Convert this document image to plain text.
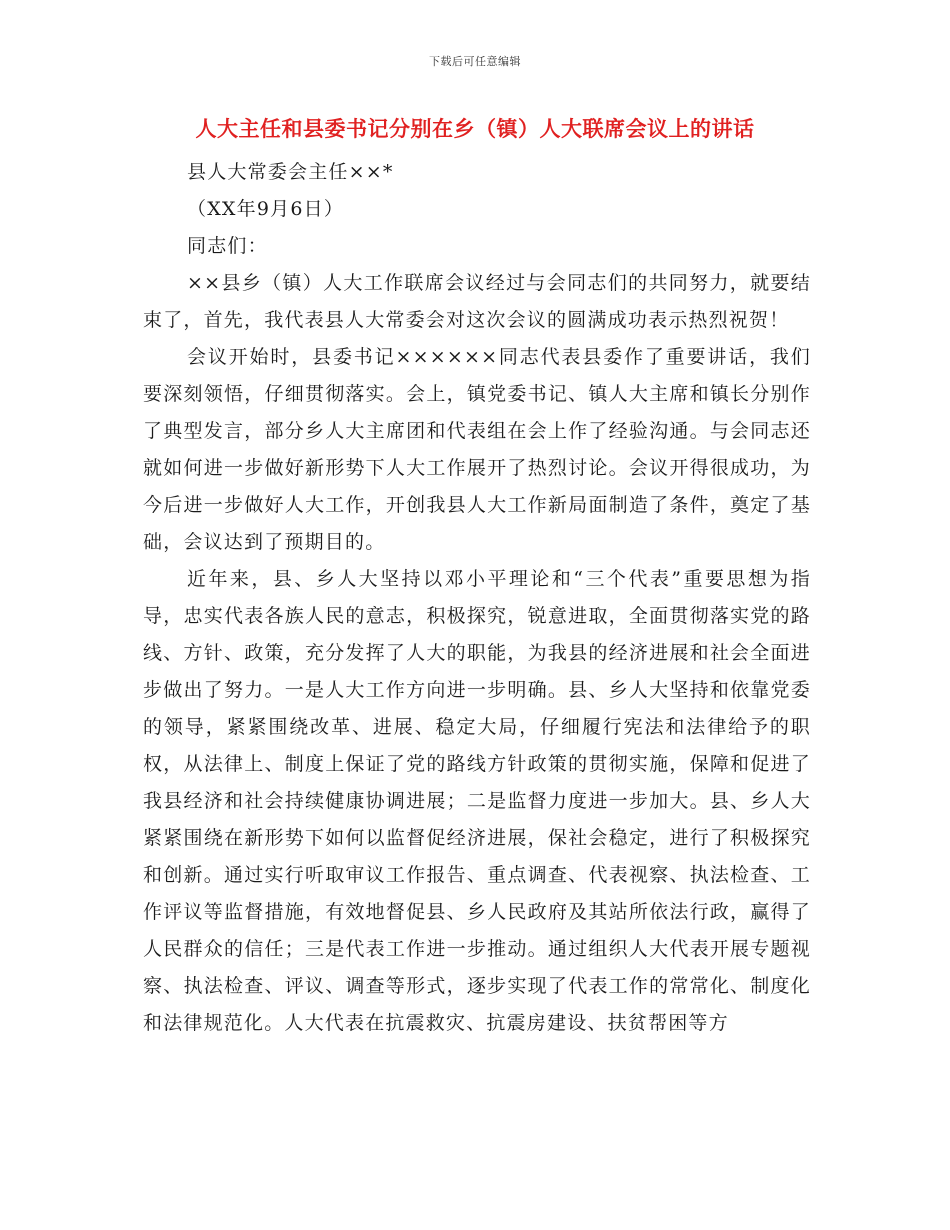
下载后可任意编辑
人大主任和县委书记分别在乡（镇）人大联席会议上的讲话
县人大常委会主任××*
（XX年9月6日）
同志们：

××县乡（镇）人大工作联席会议经过与会同志们的共同努力，就要结束了，首先，我代表县人大常委会对这次会议的圆满成功表示热烈祝贺！

会议开始时，县委书记××××××同志代表县委作了重要讲话，我们要深刻领悟，仔细贯彻落实。会上，镇党委书记、镇人大主席和镇长分别作了典型发言，部分乡人大主席团和代表组在会上作了经验沟通。与会同志还就如何进一步做好新形势下人大工作展开了热烈讨论。会议开得很成功，为今后进一步做好人大工作，开创我县人大工作新局面制造了条件，奠定了基础，会议达到了预期目的。

近年来，县、乡人大坚持以邓小平理论和“三个代表”重要思想为指导，忠实代表各族人民的意志，积极探究，锐意进取，全面贯彻落实党的路线、方针、政策，充分发挥了人大的职能，为我县的经济进展和社会全面进步做出了努力。一是人大工作方向进一步明确。县、乡人大坚持和依靠党委的领导，紧紧围绕改革、进展、稳定大局，仔细履行宪法和法律给予的职权，从法律上、制度上保证了党的路线方针政策的贯彻实施，保障和促进了我县经济和社会持续健康协调进展；二是监督力度进一步加大。县、乡人大紧紧围绕在新形势下如何以监督促经济进展，保社会稳定，进行了积极探究和创新。通过实行听取审议工作报告、重点调查、代表视察、执法检查、工作评议等监督措施，有效地督促县、乡人民政府及其站所依法行政，赢得了人民群众的信任；三是代表工作进一步推动。通过组织人大代表开展专题视察、执法检查、评议、调查等形式，逐步实现了代表工作的常常化、制度化和法律规范化。人大代表在抗震救灾、抗震房建设、扶贫帮困等方
